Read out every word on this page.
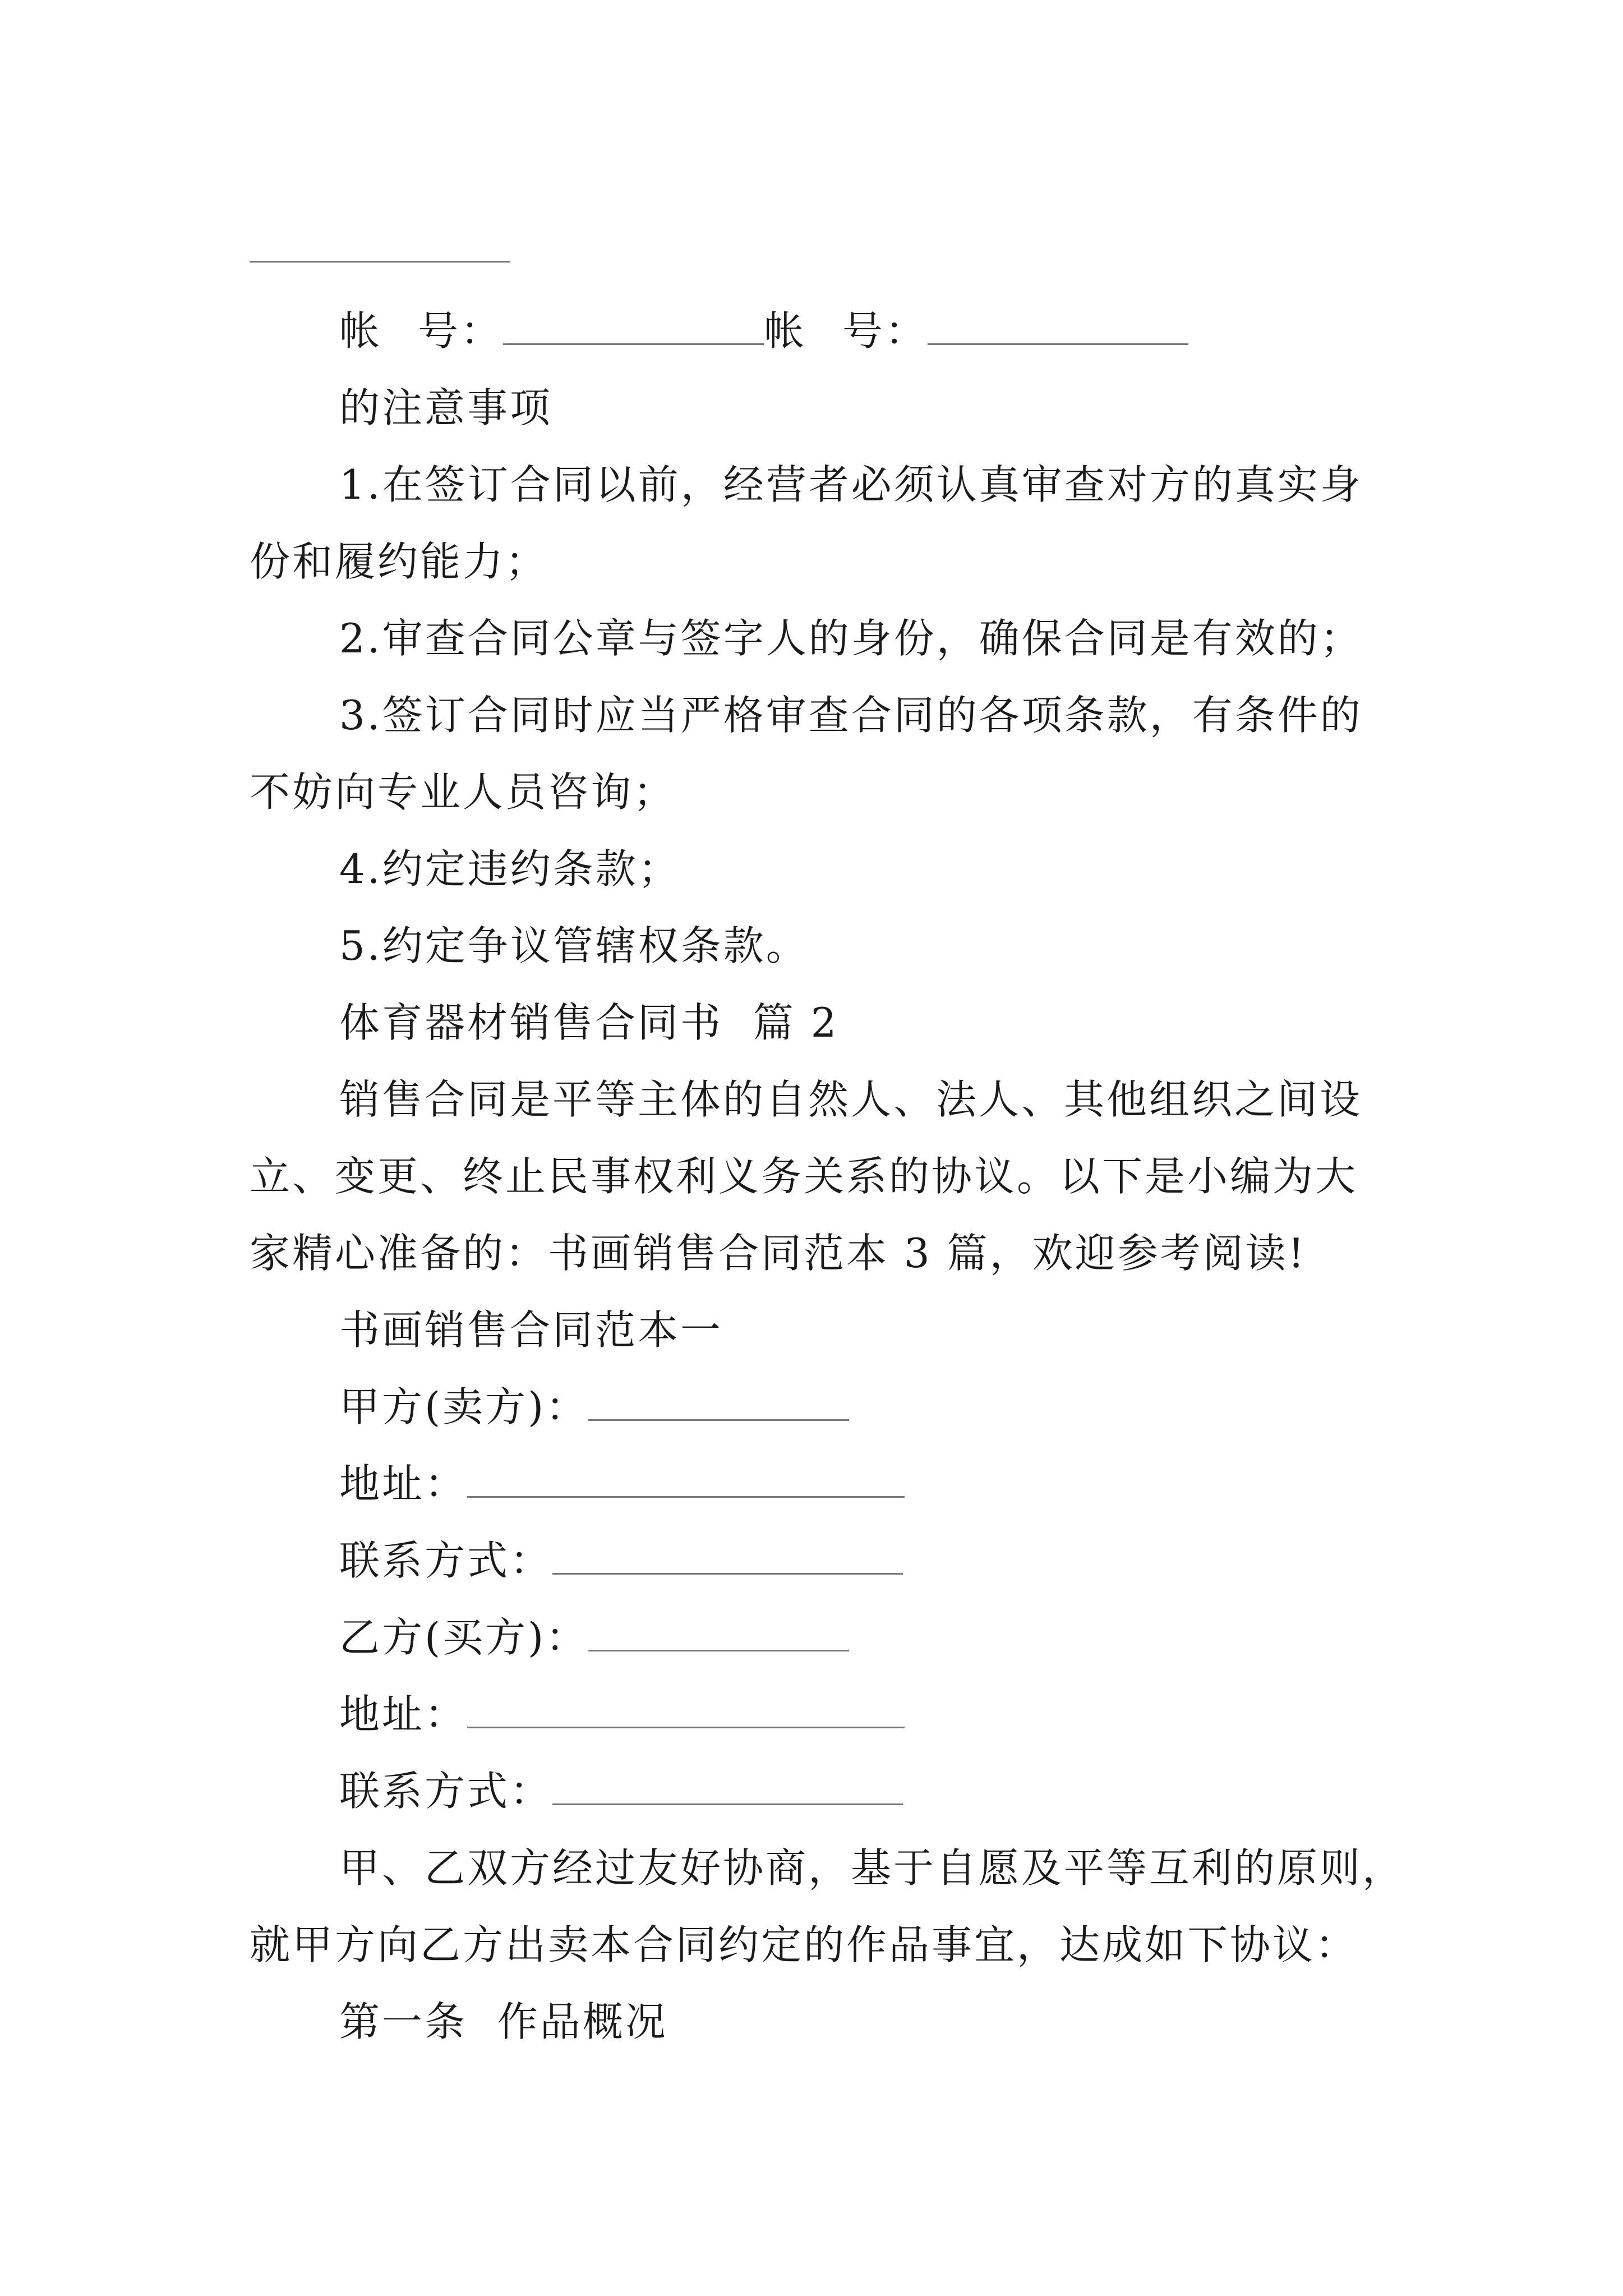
帐 号：	帐 号：
的注意事项
1.在签订合同以前，经营者必须认真审查对方的真实身
份和履约能力；
2.审查合同公章与签字人的身份，确保合同是有效的；
3.签订合同时应当严格审查合同的各项条款，有条件的
不妨向专业人员咨询；
4.约定违约条款；
5.约定争议管辖权条款。
体育器材销售合同书  篇 2
销售合同是平等主体的自然人、法人、其他组织之间设
立、变更、终止民事权利义务关系的协议。以下是小编为大
家精心准备的：书画销售合同范本 3 篇，欢迎参考阅读!
书画销售合同范本一
甲方(卖方)：
地址：
联系方式：
乙方(买方)：
地址：
联系方式：
甲、乙双方经过友好协商，基于自愿及平等互利的原则，
就甲方向乙方出卖本合同约定的作品事宜，达成如下协议：
第一条  作品概况
